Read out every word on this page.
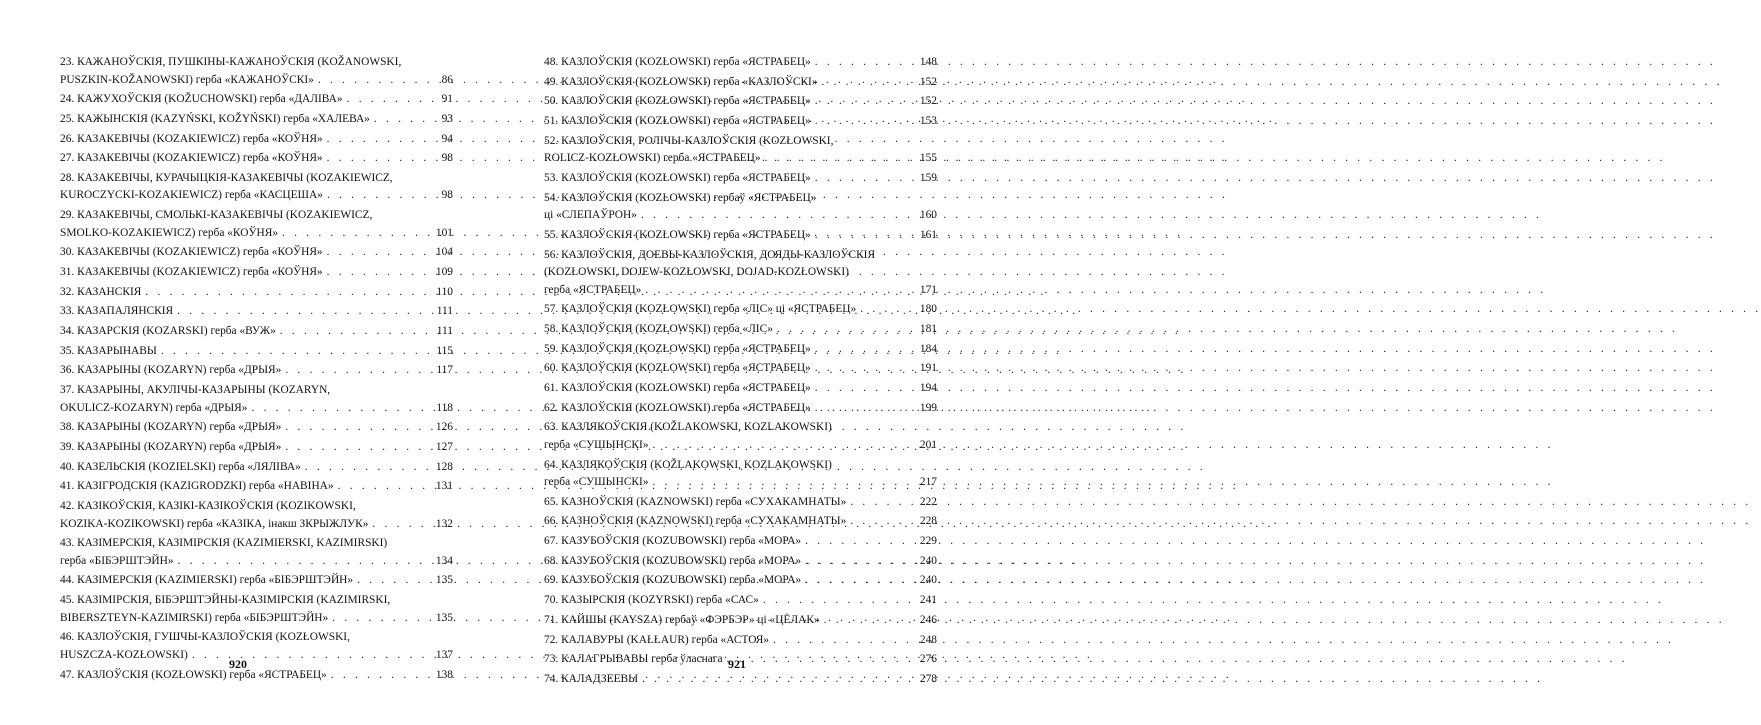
23. КАЖАНОЎСКІЯ, ПУШКІНЫ-КАЖАНОЎСКІЯ (KOŽANOWSKI,
PUSZKIN-KOŽANOWSKI) герба «КАЖАНОЎСКІ» . . .	86
24. КАЖУХОЎСКІЯ (KOŽUCHOWSKI) герба «ДАЛІВА» . . .	91
25. КАЖЫНСКІЯ (KAZYŃSKI, KOŽYŃSKI) герба «ХАЛЕВА» . . .	93
26. КАЗАКЕВІЧЫ (KOZAKIEWICZ) герба «КОЎНЯ» . . .	94
27. КАЗАКЕВІЧЫ (KOZAKIEWICZ) герба «КОЎНЯ» . . .	98
28. КАЗАКЕВІЧЫ, КУРАЧЫЦКІЯ-КАЗАКЕВІЧЫ (KOZAKIEWICZ,
KUROCZYCKI-KOZAKIEWICZ) герба «КАСЦЕША» . . .	98
29. КАЗАКЕВІЧЫ, СМОЛЬКІ-КАЗАКЕВІЧЫ (KOZAKIEWICZ,
SMOLKO-KOZAKIEWICZ) герба «КОЎНЯ» . . .	101
30. КАЗАКЕВІЧЫ (KOZAKIEWICZ) герба «КОЎНЯ» . . .	104
31. КАЗАКЕВІЧЫ (KOZAKIEWICZ) герба «КОЎНЯ» . . .	109
32. КАЗАНСКІЯ . . .	110
33. КАЗАПАЛЯНСКІЯ . . .	111
34. КАЗАРСКІЯ (KOZARSKI) герба «ВУЖ» . . .	111
35. КАЗАРЫНАВЫ . . .	115
36. КАЗАРЫНЫ (KOZARYN) герба «ДРЫЯ» . . .	117
37. КАЗАРЫНЫ, АКУЛІЧЫ-КАЗАРЫНЫ (KOZARYN,
OKULICZ-KOZARYN) герба «ДРЫЯ» . . .	118
38. КАЗАРЫНЫ (KOZARYN) герба «ДРЫЯ» . . .	126
39. КАЗАРЫНЫ (KOZARYN) герба «ДРЫЯ» . . .	127
40. КАЗЕЛЬСКІЯ (KOZIELSKI) герба «ЛЯЛІВА» . . .	128
41. КАЗІГРОДСКІЯ (KAZIGRODZKI) герба «НАВІНА» . . .	131
42. КАЗІКОЎСКІЯ, КАЗІКІ-КАЗІКОЎСКІЯ (KOZIKOWSKI,
KOZIKA-KOZIKOWSKI) герба «КАЗІКА, інакш ЗКРЫЖЛУК» . . .	132
43. КАЗІМЕРСКІЯ, КАЗІМІРСКІЯ (KAZIMIERSKI, KAZIMIRSKI)
герба «БІБЭРШТЭЙН» . . .	134
44. КАЗІМЕРСКІЯ (KAZIMIERSKI) герба «БІБЭРШТЭЙН» . . .	135
45. КАЗІМІРСКІЯ, БІБЭРШТЭЙНЫ-КАЗІМІРСКІЯ (KAZIMIRSKI,
BIBERSZTEYN-KAZIMIRSKI) герба «БІБЭРШТЭЙН» . . .	135
46. КАЗЛОЎСКІЯ, ГУШЧЫ-КАЗЛОЎСКІЯ (KOZŁOWSKI,
HUSZCZA-KOZŁOWSKI) . . .	137
47. КАЗЛОЎСКІЯ (KOZŁOWSKI) герба «ЯСТРАБЕЦ» . . .	138
48. КАЗЛОЎСКІЯ (KOZŁOWSKI) герба «ЯСТРАБЕЦ» . . .	148
49. КАЗЛОЎСКІЯ (KOZŁOWSKI) герба «КАЗЛОЎСКІ» . . .	152
50. КАЗЛОЎСКІЯ (KOZŁOWSKI) герба «ЯСТРАБЕЦ» . . .	152
51. КАЗЛОЎСКІЯ (KOZŁOWSKI) герба «ЯСТРАБЕЦ» . . .	153
52. КАЗЛОЎСКІЯ, РОЛІЧЫ-КАЗЛОЎСКІЯ (KOZŁOWSKI,
ROLICZ-KOZŁOWSKI) герба «ЯСТРАБЕЦ» . . .	155
53. КАЗЛОЎСКІЯ (KOZŁOWSKI) герба «ЯСТРАБЕЦ» . . .	159
54. КАЗЛОЎСКІЯ (KOZŁOWSKI) гербаў «ЯСТРАБЕЦ»
ці «СЛЕПАЎРОН» . . .	160
55. КАЗЛОЎСКІЯ (KOZŁOWSKI) герба «ЯСТРАБЕЦ» . . .	161
56. КАЗЛОЎСКІЯ, ДОЕВЫ-КАЗЛОЎСКІЯ, ДОЯДЫ-КАЗЛОЎСКІЯ
(KOZŁOWSKI, DOJEW-KOZŁOWSKI, DOJAD-KOZŁOWSKI)
герба «ЯСТРАБЕЦ» . . .	171
57. КАЗЛОЎСКІЯ (KOZŁOWSKI) герба «ЛІС» ці «ЯСТРАБЕЦ» . . .	180
58. КАЗЛОЎСКІЯ (KOZŁOWSKI) герба «ЛІС» . . .	181
59. КАЗЛОЎСКІЯ (KOZŁOWSKI) герба «ЯСТРАБЕЦ» . . .	184
60. КАЗЛОЎСКІЯ (KOZŁOWSKI) герба «ЯСТРАБЕЦ» . . .	191
61. КАЗЛОЎСКІЯ (KOZŁOWSKI) герба «ЯСТРАБЕЦ» . . .	194
62. КАЗЛОЎСКІЯ (KOZŁOWSKI) герба «ЯСТРАБЕЦ» . . .	199
63. КАЗЛЯКОЎСКІЯ (KOŽLAKOWSKI, KOZLAKOWSKI)
герба «СУШЫНСКІ» . . .	201
64. КАЗЛЯКОЎСКІЯ (KOŽLAKOWSKI, KOZLAKOWSKI)
герба «СУШЫНСКІ» . . .	217
65. КАЗНОЎСКІЯ (KAZNOWSKI) герба «СУХАКАМНАТЫ» . . .	222
66. КАЗНОЎСКІЯ (KAZNOWSKI) герба «СУХАКАМНАТЫ» . . .	228
67. КАЗУБОЎСКІЯ (KOZUBOWSKI) герба «МОРА» . . .	229
68. КАЗУБОЎСКІЯ (KOZUBOWSKI) герба «МОРА» . . .	240
69. КАЗУБОЎСКІЯ (KOZUBOWSKI) герба «МОРА» . . .	240
70. КАЗЫРСКІЯ (KOZYRSKI) герба «САС» . . .	241
71. КАЙШЫ (KAYSZA) гербаў «ФЭРБЭР» ці «ЦЁЛАК» . . .	246
72. КАЛАВУРЫ (KAŁŁAUR) герба «АСТОЯ» . . .	248
73. КАЛАГРЫВАВЫ герба ўласнага . . .	276
74. КАЛАДЗЕЕВЫ . . .	278
920	921
